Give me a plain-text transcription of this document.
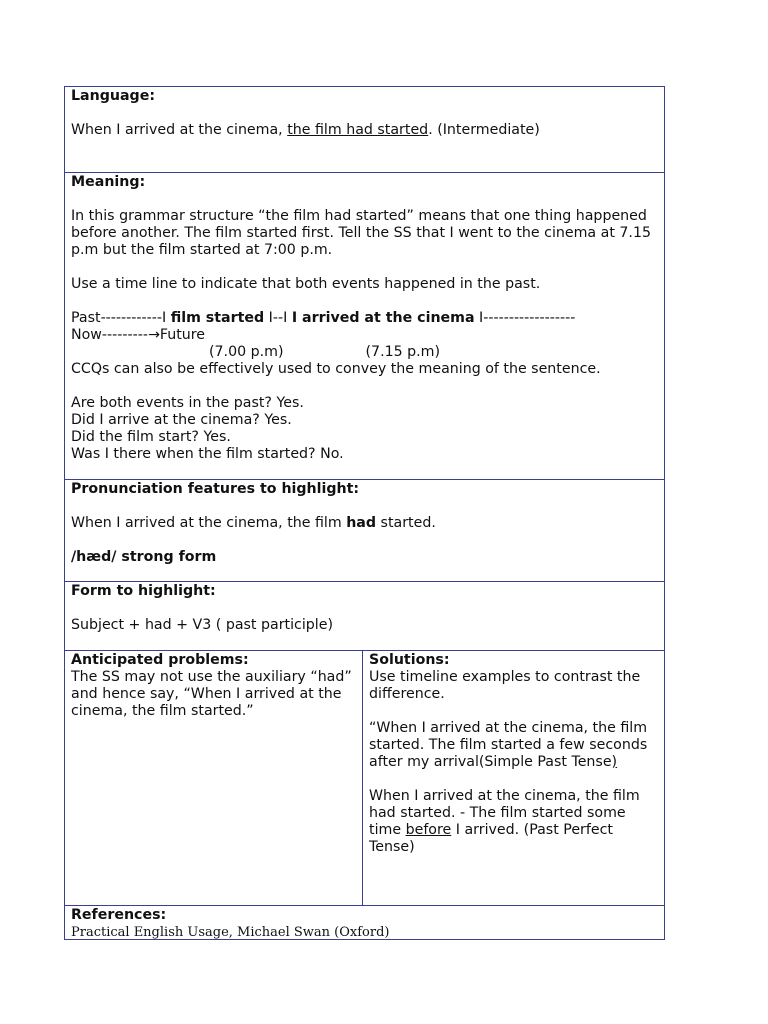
Language:

When I arrived at the cinema, the film had started. (Intermediate)

Meaning:

In this grammar structure “the film had started” means that one thing happened before another. The film started first. Tell the SS that I went to the cinema at 7.15 p.m but the film started at 7:00 p.m.

Use a time line to indicate that both events happened in the past.

Past------------I film started I--I I arrived at the cinema I------------------

Now---------→Future

(7.00 p.m)	(7.15 p.m)

CCQs can also be effectively used to convey the meaning of the sentence.

Are both events in the past? Yes.

Did I arrive at the cinema? Yes.

Did the film start? Yes.

Was I there when the film started? No.

Pronunciation features to highlight:

When I arrived at the cinema, the film had started.

/hæd/ strong form

Form to highlight:

Subject + had + V3 ( past participle)

Anticipated problems:

The SS may not use the auxiliary “had” and hence say, “When I arrived at the cinema, the film started.”

Solutions:

Use timeline examples to contrast the difference.

“When I arrived at the cinema, the film started. The film started a few seconds after my arrival(Simple Past Tense)

When I arrived at the cinema, the film had started. - The film started some time before I arrived. (Past Perfect Tense)

References:

Practical English Usage, Michael Swan (Oxford)
